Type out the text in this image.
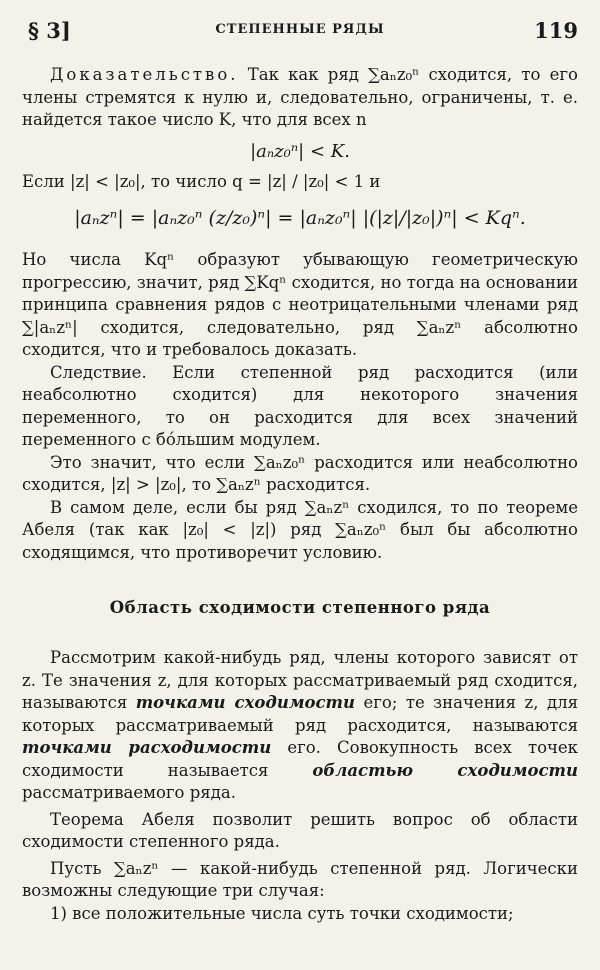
§ 3]	СТЕПЕННЫЕ РЯДЫ	119

Доказательство. Так как ряд ∑aₙz₀ⁿ сходится, то его члены стремятся к нулю и, следовательно, ограничены, т. е. найдется такое число K, что для всех n

|aₙz₀ⁿ| < K.

Если |z| < |z₀|, то число q = |z| / |z₀| < 1 и

|aₙzⁿ| = |aₙz₀ⁿ (z/z₀)ⁿ| = |aₙz₀ⁿ| |(|z|/|z₀|)ⁿ| < Kqⁿ.

Но числа Kqⁿ образуют убывающую геометрическую прогрессию, значит, ряд ∑Kqⁿ сходится, но тогда на основании принципа сравнения рядов с неотрицательными членами ряд ∑|aₙzⁿ| сходится, следовательно, ряд ∑aₙzⁿ абсолютно сходится, что и требовалось доказать.

Следствие. Если степенной ряд расходится (или неабсолютно сходится) для некоторого значения переменного, то он расходится для всех значений переменного с бо́льшим модулем.

Это значит, что если ∑aₙz₀ⁿ расходится или неабсолютно сходится, |z| > |z₀|, то ∑aₙzⁿ расходится.

В самом деле, если бы ряд ∑aₙzⁿ сходился, то по теореме Абеля (так как |z₀| < |z|) ряд ∑aₙz₀ⁿ был бы абсолютно сходящимся, что противоречит условию.

Область сходимости степенного ряда

Рассмотрим какой-нибудь ряд, члены которого зависят от z. Те значения z, для которых рассматриваемый ряд сходится, называются точками сходимости его; те значения z, для которых рассматриваемый ряд расходится, называются точками расходимости его. Совокупность всех точек сходимости называется областью сходимости рассматриваемого ряда.

Теорема Абеля позволит решить вопрос об области сходимости степенного ряда.

Пусть ∑aₙzⁿ — какой-нибудь степенной ряд. Логически возможны следующие три случая:

1) все положительные числа суть точки сходимости;
